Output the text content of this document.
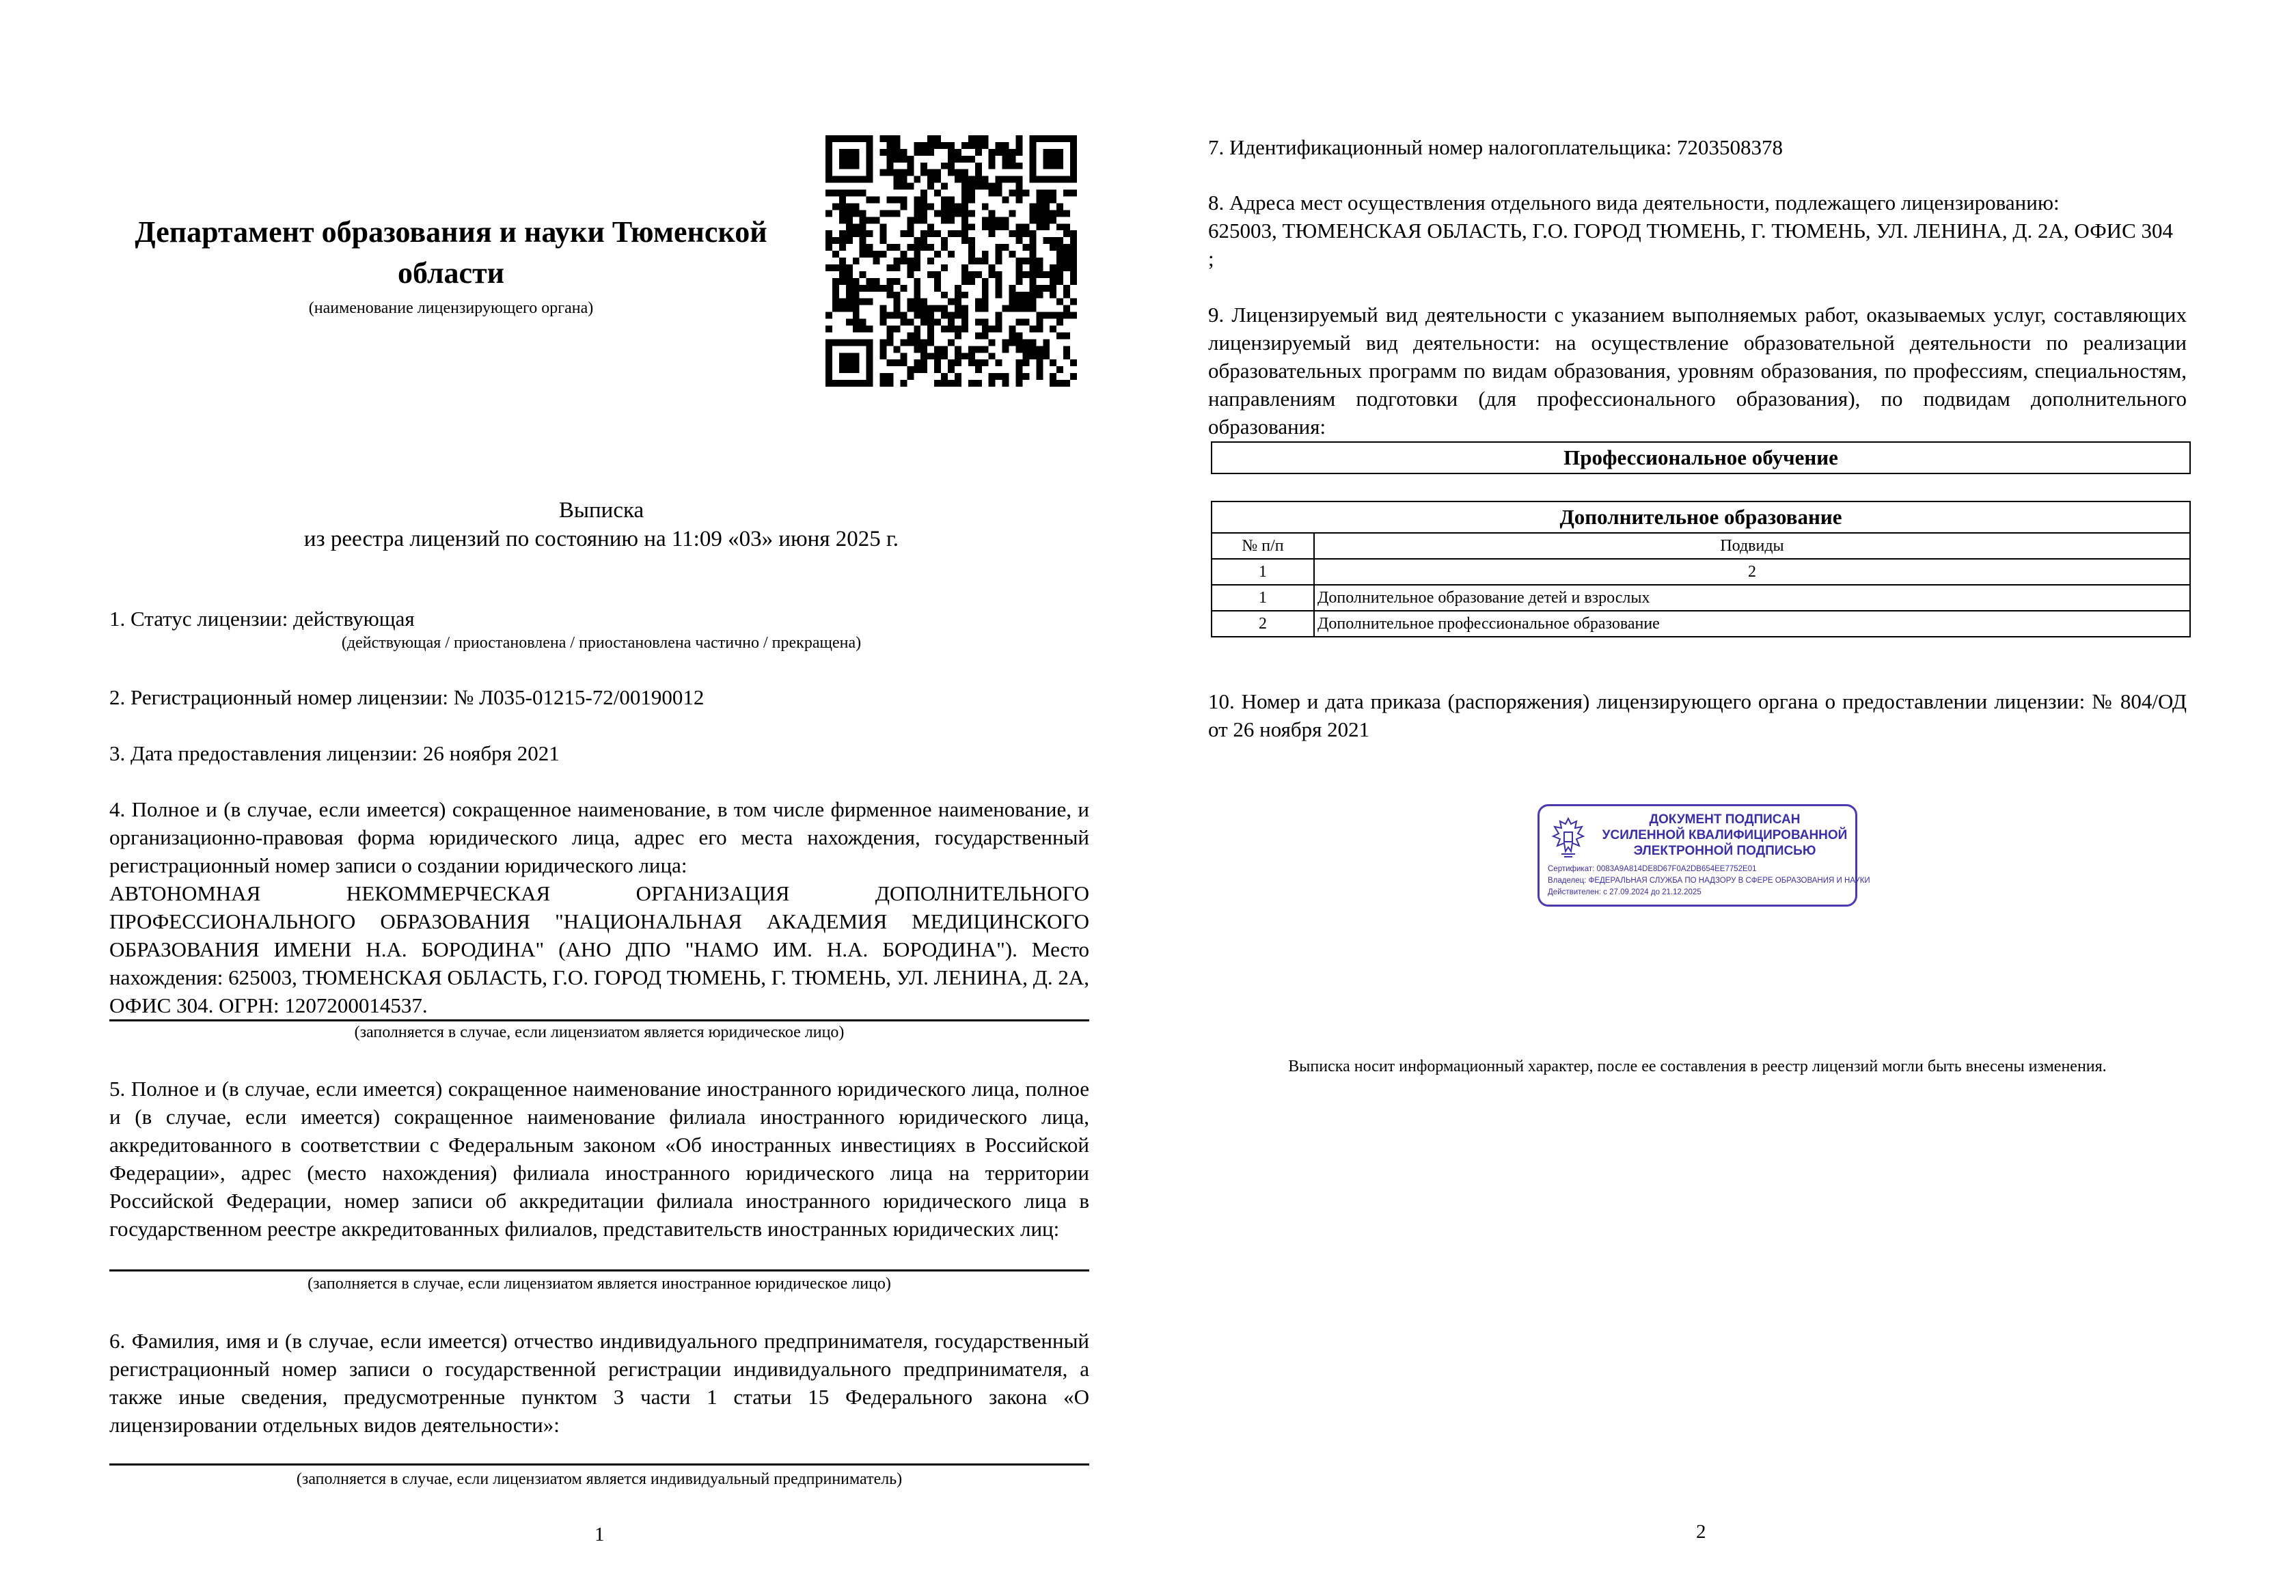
Департамент образования и науки Тюменской области
(наименование лицензирующего органа)
Выписка
из реестра лицензий по состоянию на 11:09 «03» июня 2025 г.
1. Статус лицензии: действующая
(действующая / приостановлена / приостановлена частично / прекращена)
2. Регистрационный номер лицензии: № Л035-01215-72/00190012
3. Дата предоставления лицензии: 26 ноября 2021
4. Полное и (в случае, если имеется) сокращенное наименование, в том числе фирменное наименование, и организационно-правовая форма юридического лица, адрес его места нахождения, государственный регистрационный номер записи о создании юридического лица:
АВТОНОМНАЯ НЕКОММЕРЧЕСКАЯ ОРГАНИЗАЦИЯ ДОПОЛНИТЕЛЬНОГО ПРОФЕССИОНАЛЬНОГО ОБРАЗОВАНИЯ "НАЦИОНАЛЬНАЯ АКАДЕМИЯ МЕДИЦИНСКОГО ОБРАЗОВАНИЯ ИМЕНИ Н.А. БОРОДИНА" (АНО ДПО "НАМО ИМ. Н.А. БОРОДИНА"). Место нахождения: 625003, ТЮМЕНСКАЯ ОБЛАСТЬ, Г.О. ГОРОД ТЮМЕНЬ, Г. ТЮМЕНЬ, УЛ. ЛЕНИНА, Д. 2А, ОФИС 304. ОГРН: 1207200014537.
(заполняется в случае, если лицензиатом является юридическое лицо)
5. Полное и (в случае, если имеется) сокращенное наименование иностранного юридического лица, полное и (в случае, если имеется) сокращенное наименование филиала иностранного юридического лица, аккредитованного в соответствии с Федеральным законом «Об иностранных инвестициях в Российской Федерации», адрес (место нахождения) филиала иностранного юридического лица на территории Российской Федерации, номер записи об аккредитации филиала иностранного юридического лица в государственном реестре аккредитованных филиалов, представительств иностранных юридических лиц:
(заполняется в случае, если лицензиатом является иностранное юридическое лицо)
6. Фамилия, имя и (в случае, если имеется) отчество индивидуального предпринимателя, государственный регистрационный номер записи о государственной регистрации индивидуального предпринимателя, а также иные сведения, предусмотренные пунктом 3 части 1 статьи 15 Федерального закона «О лицензировании отдельных видов деятельности»:
(заполняется в случае, если лицензиатом является индивидуальный предприниматель)
1
7. Идентификационный номер налогоплательщика: 7203508378
8. Адреса мест осуществления отдельного вида деятельности, подлежащего лицензированию:
625003, ТЮМЕНСКАЯ ОБЛАСТЬ, Г.О. ГОРОД ТЮМЕНЬ, Г. ТЮМЕНЬ, УЛ. ЛЕНИНА, Д. 2А, ОФИС 304
;
9. Лицензируемый вид деятельности с указанием выполняемых работ, оказываемых услуг, составляющих лицензируемый вид деятельности: на осуществление образовательной деятельности по реализации образовательных программ по видам образования, уровням образования, по профессиям, специальностям, направлениям подготовки (для профессионального образования), по подвидам дополнительного образования:
Профессиональное обучение
Дополнительное образование	
№ п/п	Подвиды
1	2
1	Дополнительное образование детей и взрослых
2	Дополнительное профессиональное образование
10. Номер и дата приказа (распоряжения) лицензирующего органа о предоставлении лицензии: № 804/ОД от 26 ноября 2021
ДОКУМЕНТ ПОДПИСАН
УСИЛЕННОЙ КВАЛИФИЦИРОВАННОЙ
ЭЛЕКТРОННОЙ ПОДПИСЬЮ
Сертификат: 0083A9A814DE8D67F0A2DB654EE7752E01
Владелец: ФЕДЕРАЛЬНАЯ СЛУЖБА ПО НАДЗОРУ В СФЕРЕ ОБРАЗОВАНИЯ И НАУКИ
Действителен: с 27.09.2024 до 21.12.2025
Выписка носит информационный характер, после ее составления в реестр лицензий могли быть внесены изменения.
2
